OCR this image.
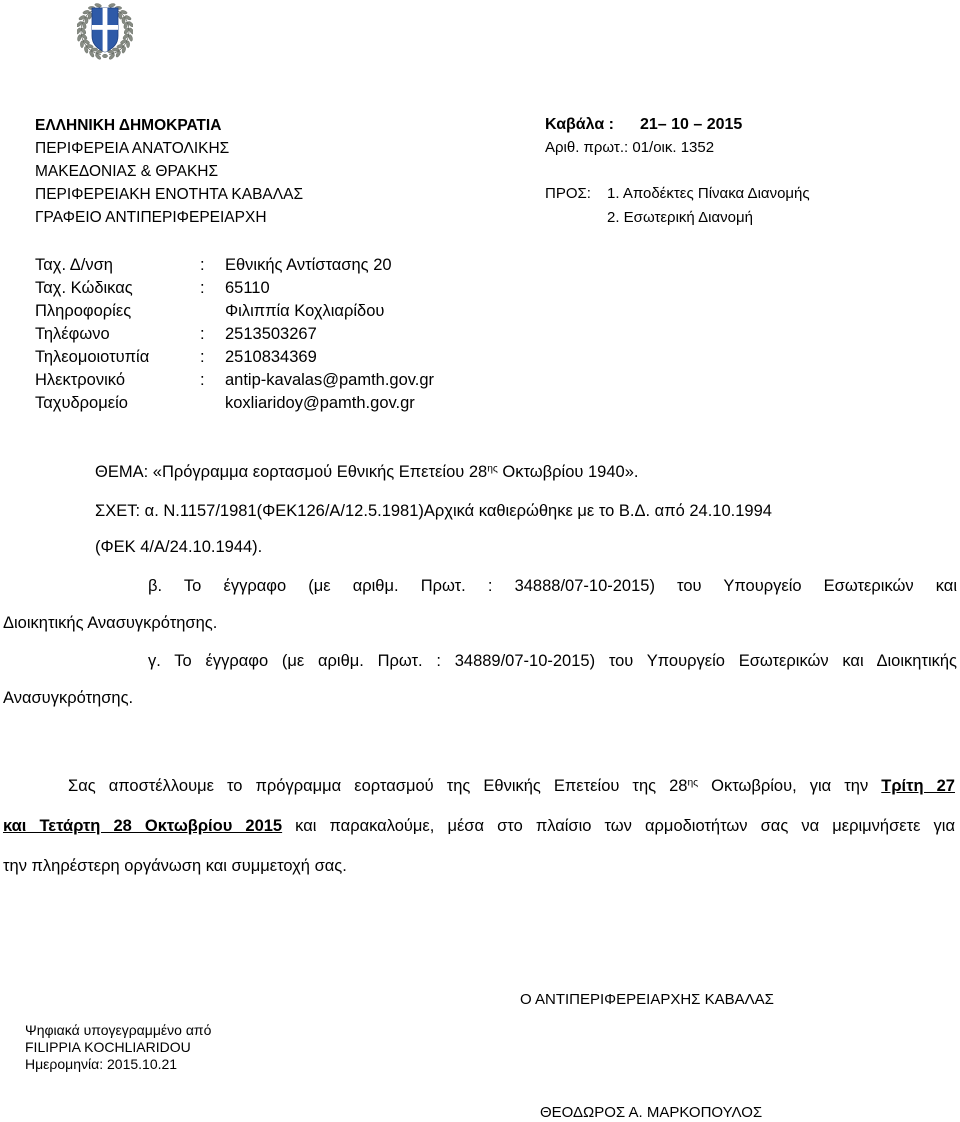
ΕΛΛΗΝΙΚΗ ΔΗΜΟΚΡΑΤΙΑ
ΠΕΡΙΦΕΡΕΙΑ ΑΝΑΤΟΛΙΚΗΣ
ΜΑΚΕΔΟΝΙΑΣ & ΘΡΑΚΗΣ
ΠΕΡΙΦΕΡΕΙΑΚΗ ΕΝΟΤΗΤΑ ΚΑΒΑΛΑΣ
ΓΡΑΦΕΙΟ ΑΝΤΙΠΕΡΙΦΕΡΕΙΑΡΧΗ
Καβάλα : 21– 10 – 2015
Αριθ. πρωτ.: 01/οικ. 1352
ΠΡΟΣ: 1. Αποδέκτες Πίνακα Διανομής
2. Εσωτερική Διανομή
Ταχ. Δ/νση	:	Εθνικής Αντίστασης 20
Ταχ. Κώδικας	:	65110
Πληροφορίες	Φιλιππία Κοχλιαρίδου
Τηλέφωνο	:	2513503267
Τηλεομοιοτυπία	:	2510834369
Ηλεκτρονικό	:	antip-kavalas@pamth.gov.gr
Ταχυδρομείο	koxliaridoy@pamth.gov.gr
ΘΕΜΑ: «Πρόγραμμα εορτασμού Εθνικής Επετείου $28^{\eta\varsigma}$ Οκτωβρίου 1940».
ΣΧΕΤ: α. Ν.1157/1981(ΦΕΚ126/Α/12.5.1981)Αρχικά καθιερώθηκε με το Β.Δ. από 24.10.1994
(ΦΕΚ 4/Α/24.10.1944).
β. Το έγγραφο (με αριθμ. Πρωτ. : 34888/07-10-2015) του Υπουργείο Εσωτερικών και
Διοικητικής Ανασυγκρότησης.
γ. Το έγγραφο (με αριθμ. Πρωτ. : 34889/07-10-2015) του Υπουργείο Εσωτερικών και Διοικητικής
Ανασυγκρότησης.
Σας αποστέλλουμε το πρόγραμμα εορτασμού της Εθνικής Επετείου της $28^{\eta\varsigma}$ Οκτωβρίου, για την Τρίτη 27
και Τετάρτη 28 Οκτωβρίου 2015 και παρακαλούμε, μέσα στο πλαίσιο των αρμοδιοτήτων σας να μεριμνήσετε για
την πληρέστερη οργάνωση και συμμετοχή σας.
Ο ΑΝΤΙΠΕΡΙΦΕΡΕΙΑΡΧΗΣ ΚΑΒΑΛΑΣ
Ψηφιακά υπογεγραμμένο από
FILIPPIA KOCHLIARIDOU
Ημερομηνία: 2015.10.21
ΘΕΟΔΩΡΟΣ Α. ΜΑΡΚΟΠΟΥΛΟΣ
